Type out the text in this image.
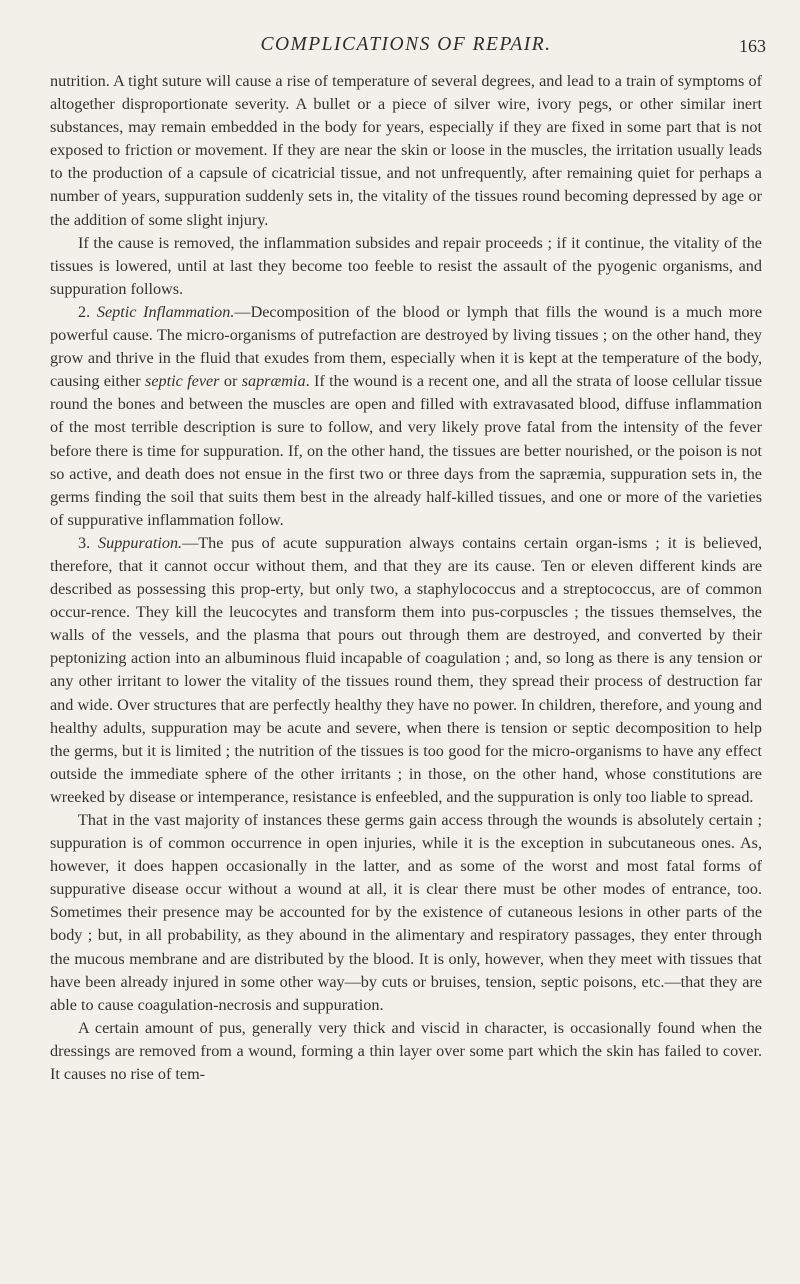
COMPLICATIONS OF REPAIR.	163

nutrition. A tight suture will cause a rise of temperature of several degrees, and lead to a train of symptoms of altogether disproportionate severity. A bullet or a piece of silver wire, ivory pegs, or other similar inert substances, may remain embedded in the body for years, especially if they are fixed in some part that is not exposed to friction or movement. If they are near the skin or loose in the muscles, the irritation usually leads to the production of a capsule of cicatricial tissue, and not unfrequently, after remaining quiet for perhaps a number of years, suppuration suddenly sets in, the vitality of the tissues round becoming depressed by age or the addition of some slight injury.

If the cause is removed, the inflammation subsides and repair proceeds ; if it continue, the vitality of the tissues is lowered, until at last they become too feeble to resist the assault of the pyogenic organisms, and suppuration follows.

2. Septic Inflammation.—Decomposition of the blood or lymph that fills the wound is a much more powerful cause. The micro-organisms of putrefaction are destroyed by living tissues ; on the other hand, they grow and thrive in the fluid that exudes from them, especially when it is kept at the temperature of the body, causing either septic fever or sapræmia. If the wound is a recent one, and all the strata of loose cellular tissue round the bones and between the muscles are open and filled with extravasated blood, diffuse inflammation of the most terrible description is sure to follow, and very likely prove fatal from the intensity of the fever before there is time for suppuration. If, on the other hand, the tissues are better nourished, or the poison is not so active, and death does not ensue in the first two or three days from the sapræmia, suppuration sets in, the germs finding the soil that suits them best in the already half-killed tissues, and one or more of the varieties of suppurative inflammation follow.

3. Suppuration.—The pus of acute suppuration always contains certain organ-isms ; it is believed, therefore, that it cannot occur without them, and that they are its cause. Ten or eleven different kinds are described as possessing this prop-erty, but only two, a staphylococcus and a streptococcus, are of common occur-rence. They kill the leucocytes and transform them into pus-corpuscles ; the tissues themselves, the walls of the vessels, and the plasma that pours out through them are destroyed, and converted by their peptonizing action into an albuminous fluid incapable of coagulation ; and, so long as there is any tension or any other irritant to lower the vitality of the tissues round them, they spread their process of destruction far and wide. Over structures that are perfectly healthy they have no power. In children, therefore, and young and healthy adults, suppuration may be acute and severe, when there is tension or septic decomposition to help the germs, but it is limited ; the nutrition of the tissues is too good for the micro-organisms to have any effect outside the immediate sphere of the other irritants ; in those, on the other hand, whose constitutions are wreeked by disease or intemperance, resistance is enfeebled, and the suppuration is only too liable to spread.

That in the vast majority of instances these germs gain access through the wounds is absolutely certain ; suppuration is of common occurrence in open injuries, while it is the exception in subcutaneous ones. As, however, it does happen occasionally in the latter, and as some of the worst and most fatal forms of suppurative disease occur without a wound at all, it is clear there must be other modes of entrance, too. Sometimes their presence may be accounted for by the existence of cutaneous lesions in other parts of the body ; but, in all probability, as they abound in the alimentary and respiratory passages, they enter through the mucous membrane and are distributed by the blood. It is only, however, when they meet with tissues that have been already injured in some other way—by cuts or bruises, tension, septic poisons, etc.—that they are able to cause coagulation-necrosis and suppuration.

A certain amount of pus, generally very thick and viscid in character, is occasionally found when the dressings are removed from a wound, forming a thin layer over some part which the skin has failed to cover. It causes no rise of tem-
